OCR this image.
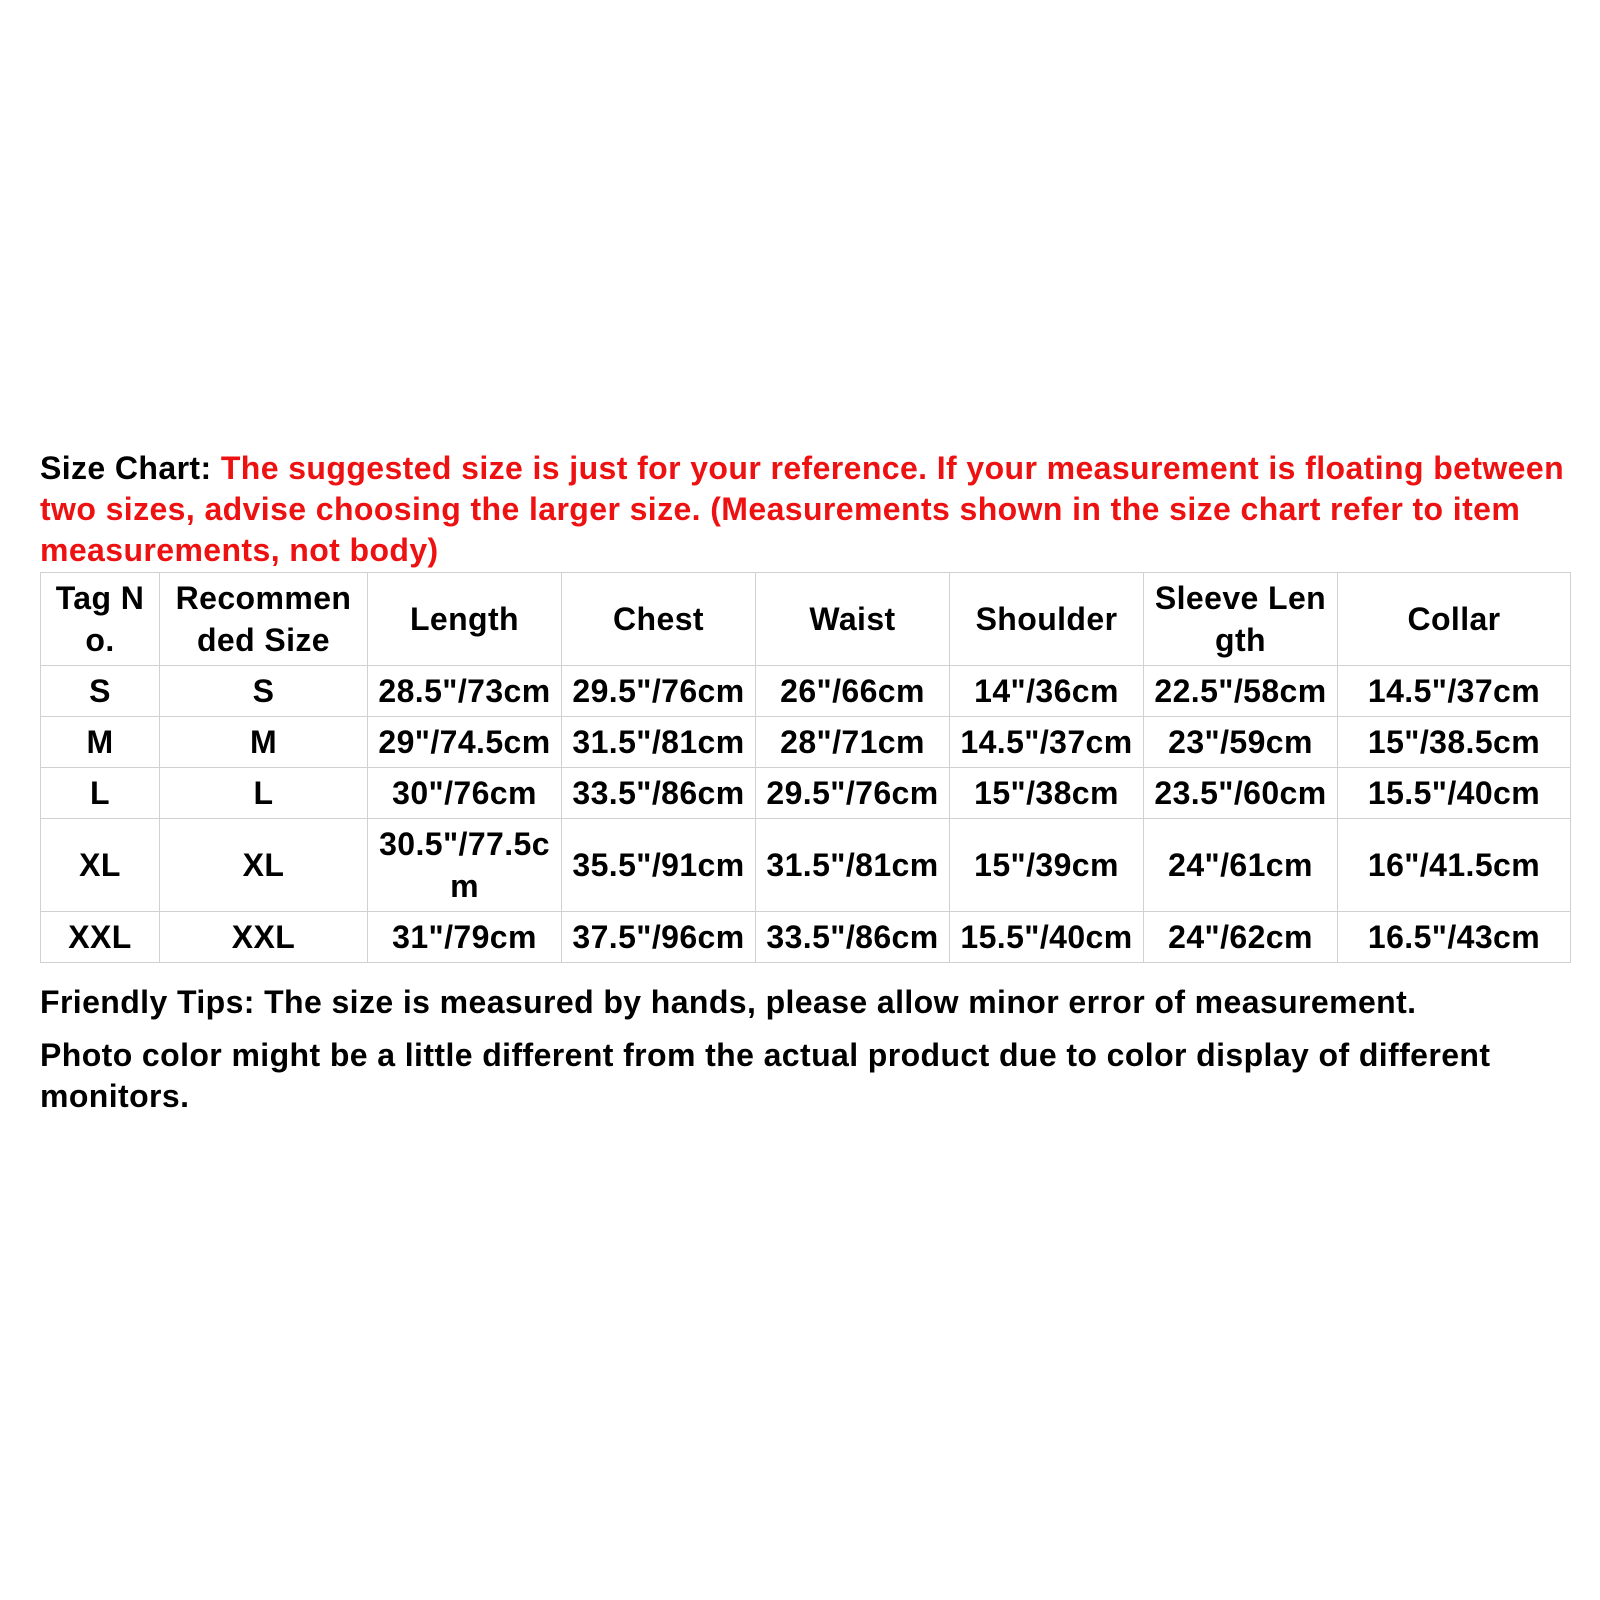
Size Chart: The suggested size is just for your reference. If your measurement is floating between two sizes, advise choosing the larger size. (Measurements shown in the size chart refer to item measurements, not body)
Tag No.	Recommended Size	Length	Chest	Waist	Shoulder	Sleeve Length	Collar
S	S	28.5"/73cm	29.5"/76cm	26"/66cm	14"/36cm	22.5"/58cm	14.5"/37cm
M	M	29"/74.5cm	31.5"/81cm	28"/71cm	14.5"/37cm	23"/59cm	15"/38.5cm
L	L	30"/76cm	33.5"/86cm	29.5"/76cm	15"/38cm	23.5"/60cm	15.5"/40cm
XL	XL	30.5"/77.5cm	35.5"/91cm	31.5"/81cm	15"/39cm	24"/61cm	16"/41.5cm
XXL	XXL	31"/79cm	37.5"/96cm	33.5"/86cm	15.5"/40cm	24"/62cm	16.5"/43cm

Friendly Tips: The size is measured by hands, please allow minor error of measurement.

Photo color might be a little different from the actual product due to color display of different monitors.
